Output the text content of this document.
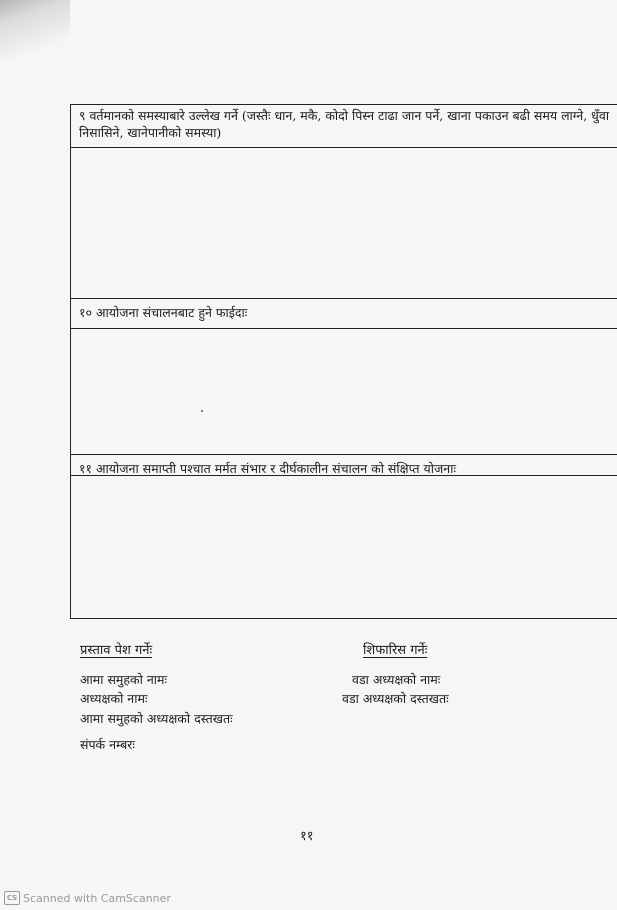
९ वर्तमानको समस्याबारे उल्लेख गर्ने (जस्तैः धान, मकै, कोदो पिस्न टाढा जान पर्ने, खाना पकाउन बढी समय लाग्ने, धुँवा निसासिने, खानेपानीको समस्या)
१० आयोजना संचालनबाट हुने फाईदाः
११ आयोजना समाप्ती पश्चात मर्मत संभार र दीर्घकालीन संचालन को संक्षिप्त योजनाः
प्रस्ताव पेश गर्नेः
आमा समुहको नामः
अध्यक्षको नामः
आमा समुहको अध्यक्षको दस्तखतः
संपर्क नम्बरः
शिफारिस गर्नेः
वडा अध्यक्षको नामः
वडा अध्यक्षको दस्तखतः
११
CS Scanned with CamScanner
